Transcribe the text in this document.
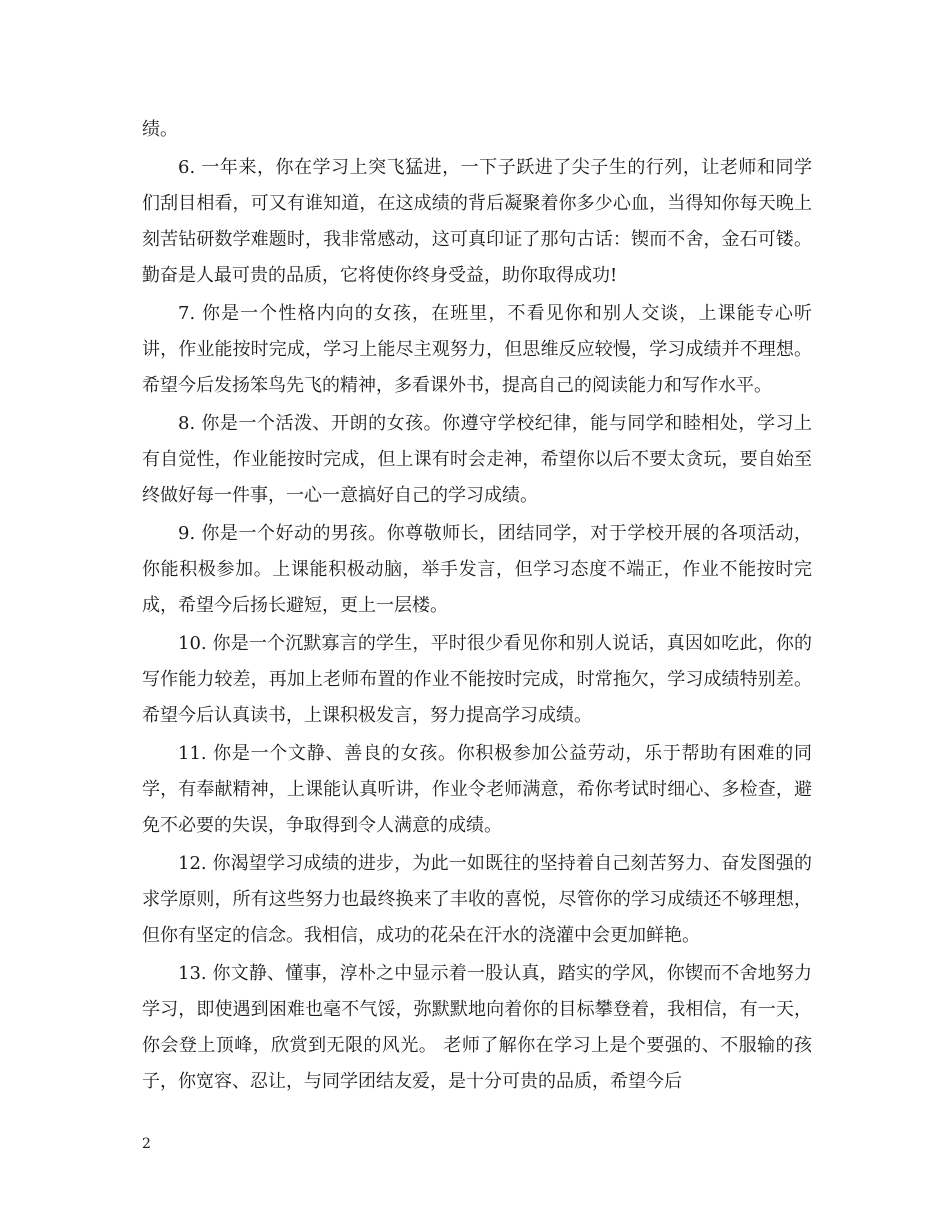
绩。

6. 一年来，你在学习上突飞猛进，一下子跃进了尖子生的行列，让老师和同学们刮目相看，可又有谁知道，在这成绩的背后凝聚着你多少心血，当得知你每天晚上刻苦钻研数学难题时，我非常感动，这可真印证了那句古话：锲而不舍，金石可镂。勤奋是人最可贵的品质，它将使你终身受益，助你取得成功!

7. 你是一个性格内向的女孩，在班里，不看见你和别人交谈，上课能专心听讲，作业能按时完成，学习上能尽主观努力，但思维反应较慢，学习成绩并不理想。希望今后发扬笨鸟先飞的精神，多看课外书，提高自己的阅读能力和写作水平。

8. 你是一个活泼、开朗的女孩。你遵守学校纪律，能与同学和睦相处，学习上有自觉性，作业能按时完成，但上课有时会走神，希望你以后不要太贪玩，要自始至终做好每一件事，一心一意搞好自己的学习成绩。

9. 你是一个好动的男孩。你尊敬师长，团结同学，对于学校开展的各项活动，你能积极参加。上课能积极动脑，举手发言，但学习态度不端正，作业不能按时完成，希望今后扬长避短，更上一层楼。

10. 你是一个沉默寡言的学生，平时很少看见你和别人说话，真因如吃此，你的写作能力较差，再加上老师布置的作业不能按时完成，时常拖欠，学习成绩特别差。希望今后认真读书，上课积极发言，努力提高学习成绩。

11. 你是一个文静、善良的女孩。你积极参加公益劳动，乐于帮助有困难的同学，有奉献精神，上课能认真听讲，作业令老师满意，希你考试时细心、多检查，避免不必要的失误，争取得到令人满意的成绩。

12. 你渴望学习成绩的进步，为此一如既往的坚持着自己刻苦努力、奋发图强的求学原则，所有这些努力也最终换来了丰收的喜悦，尽管你的学习成绩还不够理想，但你有坚定的信念。我相信，成功的花朵在汗水的浇灌中会更加鲜艳。

13. 你文静、懂事，淳朴之中显示着一股认真，踏实的学风，你锲而不舍地努力学习，即使遇到困难也毫不气馁，弥默默地向着你的目标攀登着，我相信，有一天，你会登上顶峰，欣赏到无限的风光。 老师了解你在学习上是个要强的、不服输的孩子，你宽容、忍让，与同学团结友爱，是十分可贵的品质，希望今后

2
